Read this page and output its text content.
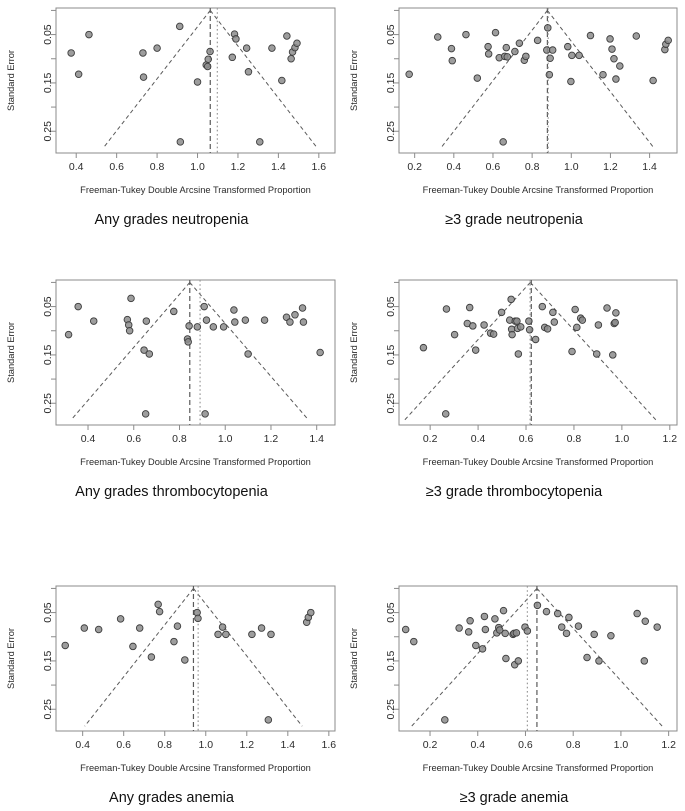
0.4 0.6 0.8 1.0 1.2 1.4 1.6
0.05
0.15
0.25
Standard Error
Freeman-Tukey Double Arcsine Transformed Proportion
Any grades neutropenia
0.2 0.4 0.6 0.8 1.0 1.2 1.4
0.05
0.15
0.25
Standard Error
Freeman-Tukey Double Arcsine Transformed Proportion
≥3 grade neutropenia
0.4	0.6	0.8	1.0	1.2	1.4
0.05
0.15
0.25
Standard Error
Freeman-Tukey Double Arcsine Transformed Proportion
Any grades thrombocytopenia
0.2	0.4	0.6	0.8	1.0	1.2
0.05
0.15
0.25
Standard Error
Freeman-Tukey Double Arcsine Transformed Proportion
≥3 grade thrombocytopenia
0.4	0.6	0.8	1.0	1.2	1.4	1.6
0.05
0.15
0.25
Standard Error
Freeman-Tukey Double Arcsine Transformed Proportion
Any grades anemia
0.2	0.4	0.6	0.8	1.0	1.2
0.05
0.15
0.25
Standard Error
Freeman-Tukey Double Arcsine Transformed Proportion
≥3 grade anemia
